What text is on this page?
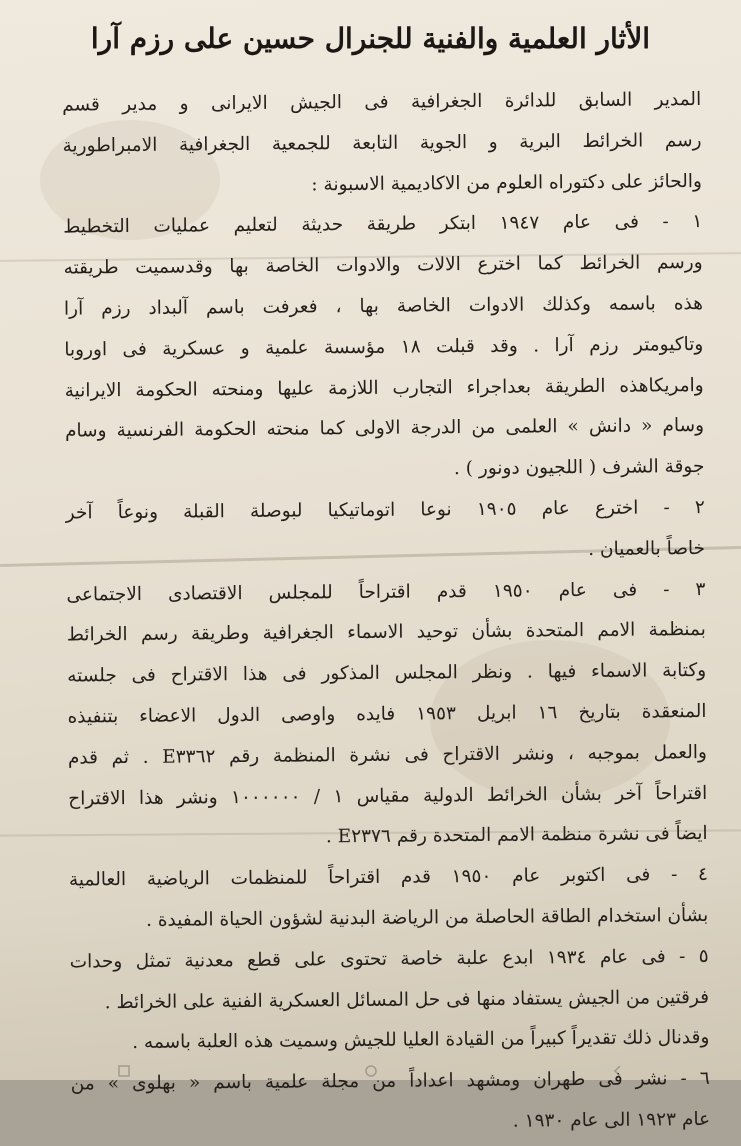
الأثار العلمية والفنية للجنرال حسين على رزم آرا
المدير السابق للدائرة الجغرافية فى الجيش الايرانى و مدير قسم
رسم الخرائط البرية و الجوية التابعة للجمعية الجغرافية الامبراطورية
والحائز على دكتوراه العلوم من الاكاديمية الاسبونة :
١ - فى عام ١٩٤٧ ابتكر طريقة حديثة لتعليم عمليات التخطيط
ورسم الخرائط كما اخترع الالات والادوات الخاصة بها وقدسميت طريقته
هذه باسمه وكذلك الادوات الخاصة بها ، فعرفت باسم آلبداد رزم آرا
وتاكيومتر رزم آرا . وقد قبلت ١٨ مؤسسة علمية و عسكرية فى اوروبا
وامريكاهذه الطريقة بعداجراء التجارب اللازمة عليها ومنحته الحكومة الايرانية
وسام « دانش » العلمى من الدرجة الاولى كما منحته الحكومة الفرنسية وسام
جوقة الشرف ( اللجيون دونور ) .
٢ - اخترع عام ١٩٠٥ نوعا اتوماتيكيا لبوصلة القبلة ونوعاً آخر
خاصاً بالعميان .
٣ - فى عام ١٩٥٠ قدم اقتراحاً للمجلس الاقتصادى الاجتماعى
بمنظمة الامم المتحدة بشأن توحيد الاسماء الجغرافية وطريقة رسم الخرائط
وكتابة الاسماء فيها . ونظر المجلس المذكور فى هذا الاقتراح فى جلسته
المنعقدة بتاريخ ١٦ ابريل ١٩٥٣ فايده واوصى الدول الاعضاء بتنفيذه
والعمل بموجبه ، ونشر الاقتراح فى نشرة المنظمة رقم E٣٣٦٢ . ثم قدم
اقتراحاً آخر بشأن الخرائط الدولية مقياس ١ / ١٠٠٠٠٠٠ ونشر هذا الاقتراح
ايضاً فى نشرة منظمة الامم المتحدة رقم E٢٣٧٦ .
٤ - فى اكتوبر عام ١٩٥٠ قدم اقتراحاً للمنظمات الرياضية العالمية
بشأن استخدام الطاقة الحاصلة من الرياضة البدنية لشؤون الحياة المفيدة .
٥ - فى عام ١٩٣٤ ابدع علبة خاصة تحتوى على قطع معدنية تمثل وحدات
فرقتين من الجيش يستفاد منها فى حل المسائل العسكرية الفنية على الخرائط .
وقدنال ذلك تقديراً كبيراً من القيادة العليا للجيش وسميت هذه العلبة باسمه .
٦ - نشر فى طهران ومشهد اعداداً من مجلة علمية باسم « بهلوى » من
عام ١٩٢٣ الى عام ١٩٣٠ .
